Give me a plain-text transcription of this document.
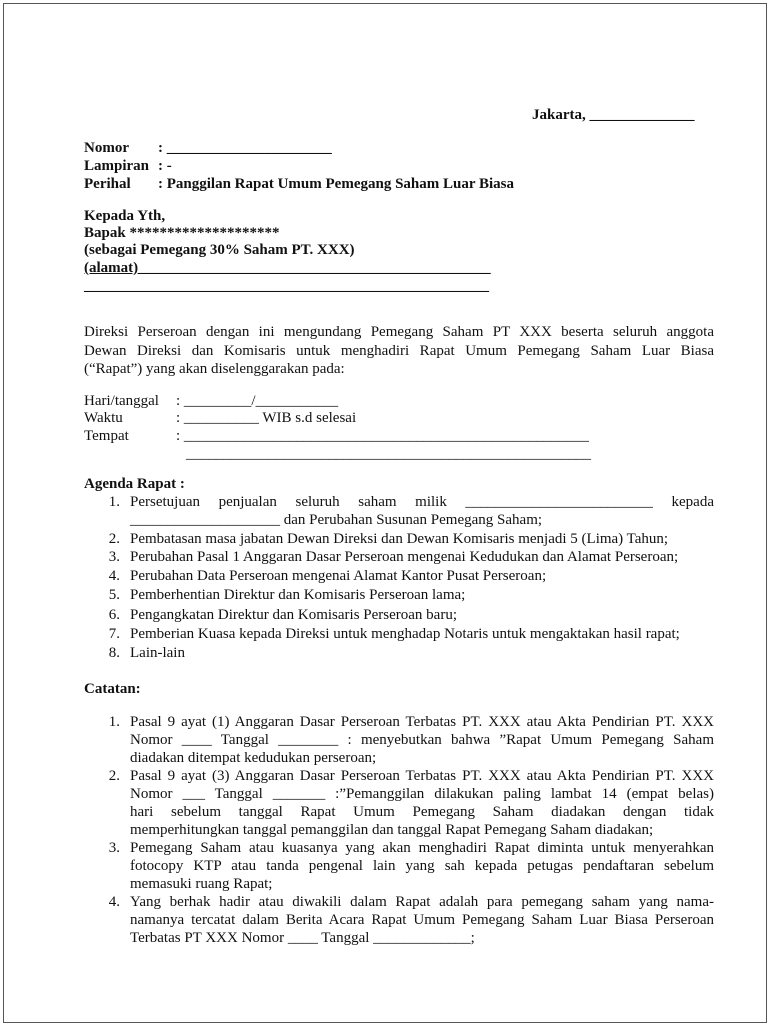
Jakarta, ______________
Nomor : ______________________
Lampiran : -
Perihal : Panggilan Rapat Umum Pemegang Saham Luar Biasa
Kepada Yth,
Bapak ********************
(sebagai Pemegang 30% Saham PT. XXX)
(alamat)_______________________________________________
______________________________________________________
Direksi Perseroan dengan ini mengundang Pemegang Saham PT XXX beserta seluruh anggota
Dewan Direksi dan Komisaris untuk menghadiri Rapat Umum Pemegang Saham Luar Biasa
(“Rapat”) yang akan diselenggarakan pada:
Hari/tanggal : _________/___________
Waktu	: __________ WIB s.d selesai
Tempat	: ______________________________________________________
______________________________________________________
Agenda Rapat :
1. Persetujuan penjualan seluruh saham milik _________________________ kepada
____________________ dan Perubahan Susunan Pemegang Saham;
2. Pembatasan masa jabatan Dewan Direksi dan Dewan Komisaris menjadi 5 (Lima) Tahun;
3. Perubahan Pasal 1 Anggaran Dasar Perseroan mengenai Kedudukan dan Alamat Perseroan;
4. Perubahan Data Perseroan mengenai Alamat Kantor Pusat Perseroan;
5. Pemberhentian Direktur dan Komisaris Perseroan lama;
6. Pengangkatan Direktur dan Komisaris Perseroan baru;
7. Pemberian Kuasa kepada Direksi untuk menghadap Notaris untuk mengaktakan hasil rapat;
8. Lain-lain
Catatan:
1. Pasal 9 ayat (1) Anggaran Dasar Perseroan Terbatas PT. XXX atau Akta Pendirian PT. XXX
Nomor ____ Tanggal ________ : menyebutkan bahwa ”Rapat Umum Pemegang Saham
diadakan ditempat kedudukan perseroan;
2. Pasal 9 ayat (3) Anggaran Dasar Perseroan Terbatas PT. XXX atau Akta Pendirian PT. XXX
Nomor ___ Tanggal _______ :”Pemanggilan dilakukan paling lambat 14 (empat belas)
hari sebelum tanggal Rapat Umum Pemegang Saham diadakan dengan tidak
memperhitungkan tanggal pemanggilan dan tanggal Rapat Pemegang Saham diadakan;
3. Pemegang Saham atau kuasanya yang akan menghadiri Rapat diminta untuk menyerahkan
fotocopy KTP atau tanda pengenal lain yang sah kepada petugas pendaftaran sebelum
memasuki ruang Rapat;
4. Yang berhak hadir atau diwakili dalam Rapat adalah para pemegang saham yang nama-
namanya tercatat dalam Berita Acara Rapat Umum Pemegang Saham Luar Biasa Perseroan
Terbatas PT XXX Nomor ____ Tanggal _____________;
